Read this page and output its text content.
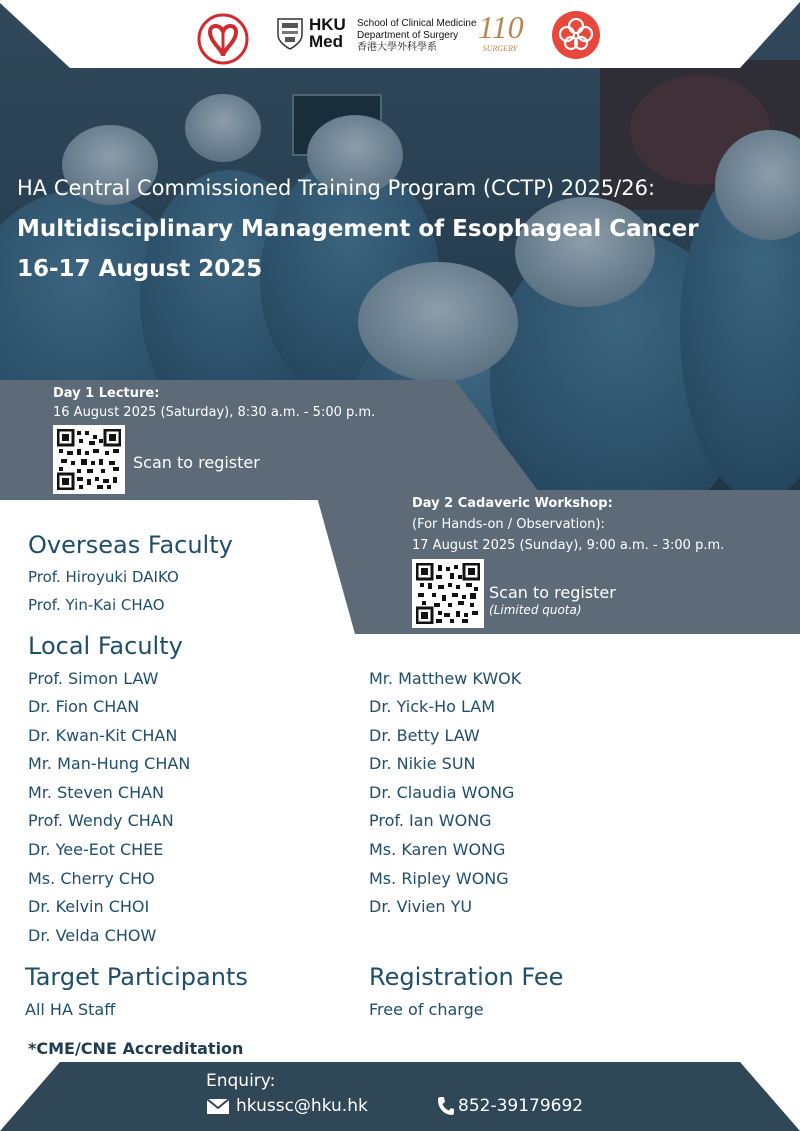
HKU
Med
School of Clinical Medicine
Department of Surgery
香港大學外科學系
110
SURGERY
HA Central Commissioned Training Program (CCTP) 2025/26:
Multidisciplinary Management of Esophageal Cancer
16-17 August 2025
Day 1 Lecture:
16 August 2025 (Saturday), 8:30 a.m. - 5:00 p.m.
Scan to register
Day 2 Cadaveric Workshop:
(For Hands-on / Observation):
17 August 2025 (Sunday), 9:00 a.m. - 3:00 p.m.
Scan to register
(Limited quota)
Overseas Faculty
Prof. Hiroyuki DAIKO
Prof. Yin-Kai CHAO
Local Faculty
Prof. Simon LAW
Dr. Fion CHAN
Dr. Kwan-Kit CHAN
Mr. Man-Hung CHAN
Mr. Steven CHAN
Prof. Wendy CHAN
Dr. Yee-Eot CHEE
Ms. Cherry CHO
Dr. Kelvin CHOI
Dr. Velda CHOW
Mr. Matthew KWOK
Dr. Yick-Ho LAM
Dr. Betty LAW
Dr. Nikie SUN
Dr. Claudia WONG
Prof. Ian WONG
Ms. Karen WONG
Ms. Ripley WONG
Dr. Vivien YU
Target Participants
All HA Staff
Registration Fee
Free of charge
*CME/CNE Accreditation
Enquiry:
hkussc@hku.hk	852-39179692
